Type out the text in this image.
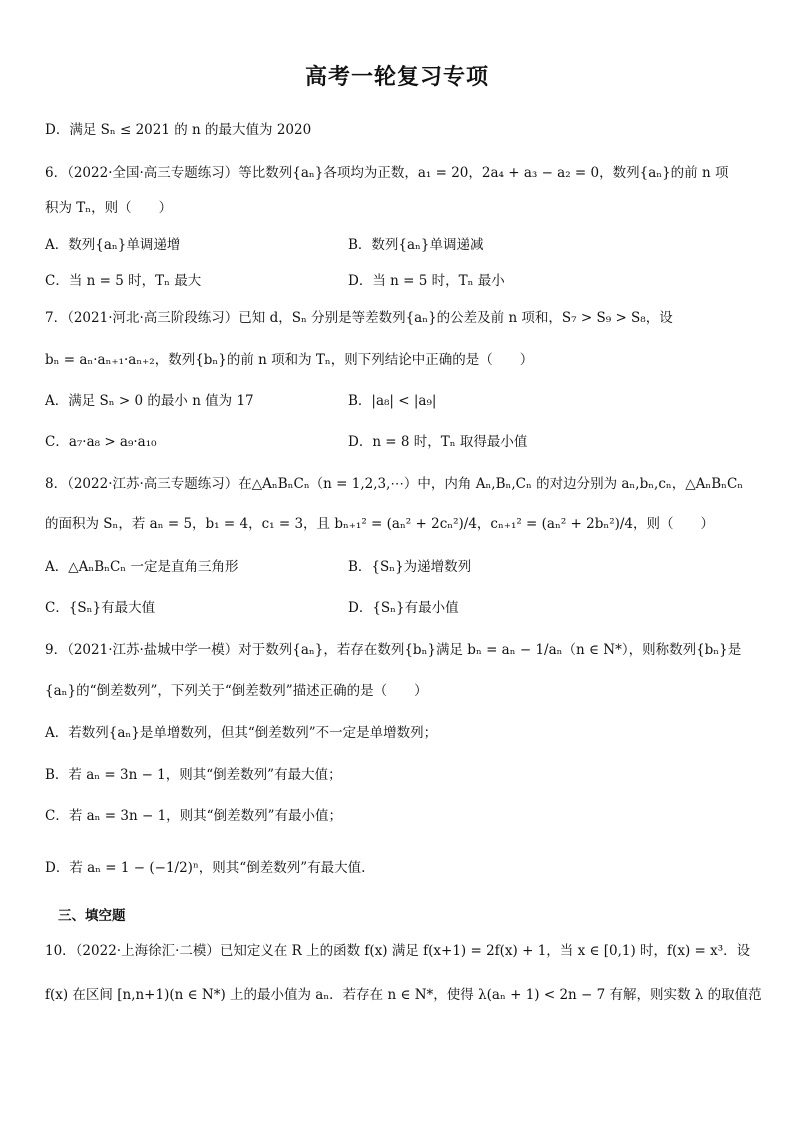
高考一轮复习专项
D．满足 Sₙ ≤ 2021 的 n 的最大值为 2020
6．（2022·全国·高三专题练习）等比数列{aₙ}各项均为正数，a₁ = 20，2a₄ + a₃ − a₂ = 0，数列{aₙ}的前 n 项
积为 Tₙ，则（　　）
A．数列{aₙ}单调递增	B．数列{aₙ}单调递减
C．当 n = 5 时，Tₙ 最大	D．当 n = 5 时，Tₙ 最小
7．（2021·河北·高三阶段练习）已知 d，Sₙ 分别是等差数列{aₙ}的公差及前 n 项和，S₇ > S₉ > S₈，设
bₙ = aₙ·aₙ₊₁·aₙ₊₂，数列{bₙ}的前 n 项和为 Tₙ，则下列结论中正确的是（　　）
A．满足 Sₙ > 0 的最小 n 值为 17	B．|a₈| < |a₉|
C．a₇·a₈ > a₉·a₁₀	D．n = 8 时，Tₙ 取得最小值
8．（2022·江苏·高三专题练习）在△AₙBₙCₙ（n = 1,2,3,⋯）中，内角 Aₙ,Bₙ,Cₙ 的对边分别为 aₙ,bₙ,cₙ，△AₙBₙCₙ
的面积为 Sₙ，若 aₙ = 5，b₁ = 4，c₁ = 3，且 bₙ₊₁² = (aₙ² + 2cₙ²)/4，cₙ₊₁² = (aₙ² + 2bₙ²)/4，则（　　）
A．△AₙBₙCₙ 一定是直角三角形	B．{Sₙ}为递增数列
C．{Sₙ}有最大值	D．{Sₙ}有最小值
9．（2021·江苏·盐城中学一模）对于数列{aₙ}，若存在数列{bₙ}满足 bₙ = aₙ − 1/aₙ（n ∈ N*），则称数列{bₙ}是
{aₙ}的“倒差数列”，下列关于“倒差数列”描述正确的是（　　）
A．若数列{aₙ}是单增数列，但其“倒差数列”不一定是单增数列；
B．若 aₙ = 3n − 1，则其“倒差数列”有最大值；
C．若 aₙ = 3n − 1，则其“倒差数列”有最小值；
D．若 aₙ = 1 − (−1/2)ⁿ，则其“倒差数列”有最大值.
三、填空题
10．（2022·上海徐汇·二模）已知定义在 R 上的函数 f(x) 满足 f(x+1) = 2f(x) + 1，当 x ∈ [0,1) 时，f(x) = x³．设
f(x) 在区间 [n,n+1)(n ∈ N*) 上的最小值为 aₙ．若存在 n ∈ N*，使得 λ(aₙ + 1) < 2n − 7 有解，则实数 λ 的取值范
